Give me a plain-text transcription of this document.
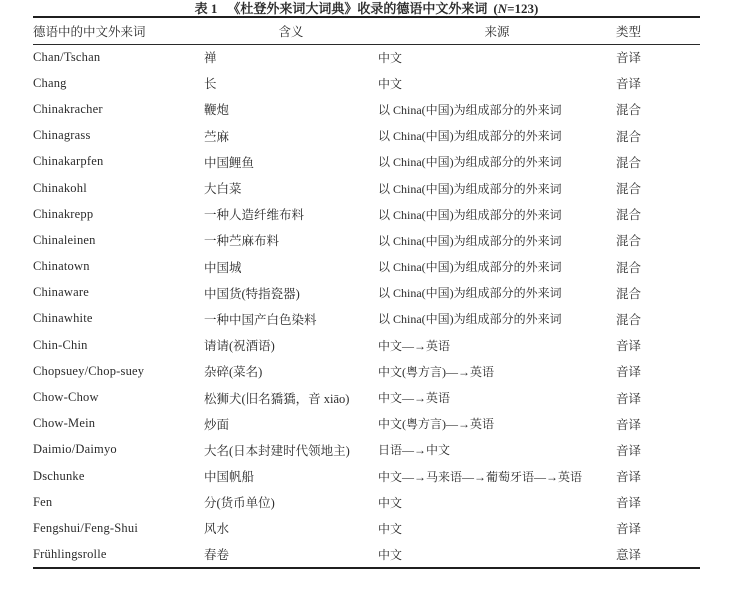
表 1 《杜登外来词大词典》收录的德语中文外来词 (N=123)
德语中的中文外来词	含义	来源	类型
Chan/Tschan	禅	中文	音译
Chang	长	中文	音译
Chinakracher	鞭炮	以 China(中国)为组成部分的外来词	混合
Chinagrass	苎麻	以 China(中国)为组成部分的外来词	混合
Chinakarpfen	中国鲤鱼	以 China(中国)为组成部分的外来词	混合
Chinakohl	大白菜	以 China(中国)为组成部分的外来词	混合
Chinakrepp	一种人造纤维布料	以 China(中国)为组成部分的外来词	混合
Chinaleinen	一种苎麻布料	以 China(中国)为组成部分的外来词	混合
Chinatown	中国城	以 China(中国)为组成部分的外来词	混合
Chinaware	中国货(特指瓷器)	以 China(中国)为组成部分的外来词	混合
Chinawhite	一种中国产白色染料	以 China(中国)为组成部分的外来词	混合
Chin-Chin	请请(祝酒语)	中文—→英语	音译
Chopsuey/Chop-suey	杂碎(菜名)	中文(粤方言)—→英语	音译
Chow-Chow	松狮犬(旧名獢獢，音 xiāo)	中文—→英语	音译
Chow-Mein	炒面	中文(粤方言)—→英语	音译
Daimio/Daimyo	大名(日本封建时代领地主)	日语—→中文	音译
Dschunke	中国帆船	中文—→马来语—→葡萄牙语—→英语	音译
Fen	分(货币单位)	中文	音译
Fengshui/Feng-Shui	风水	中文	音译
Frühlingsrolle	春卷	中文	意译
